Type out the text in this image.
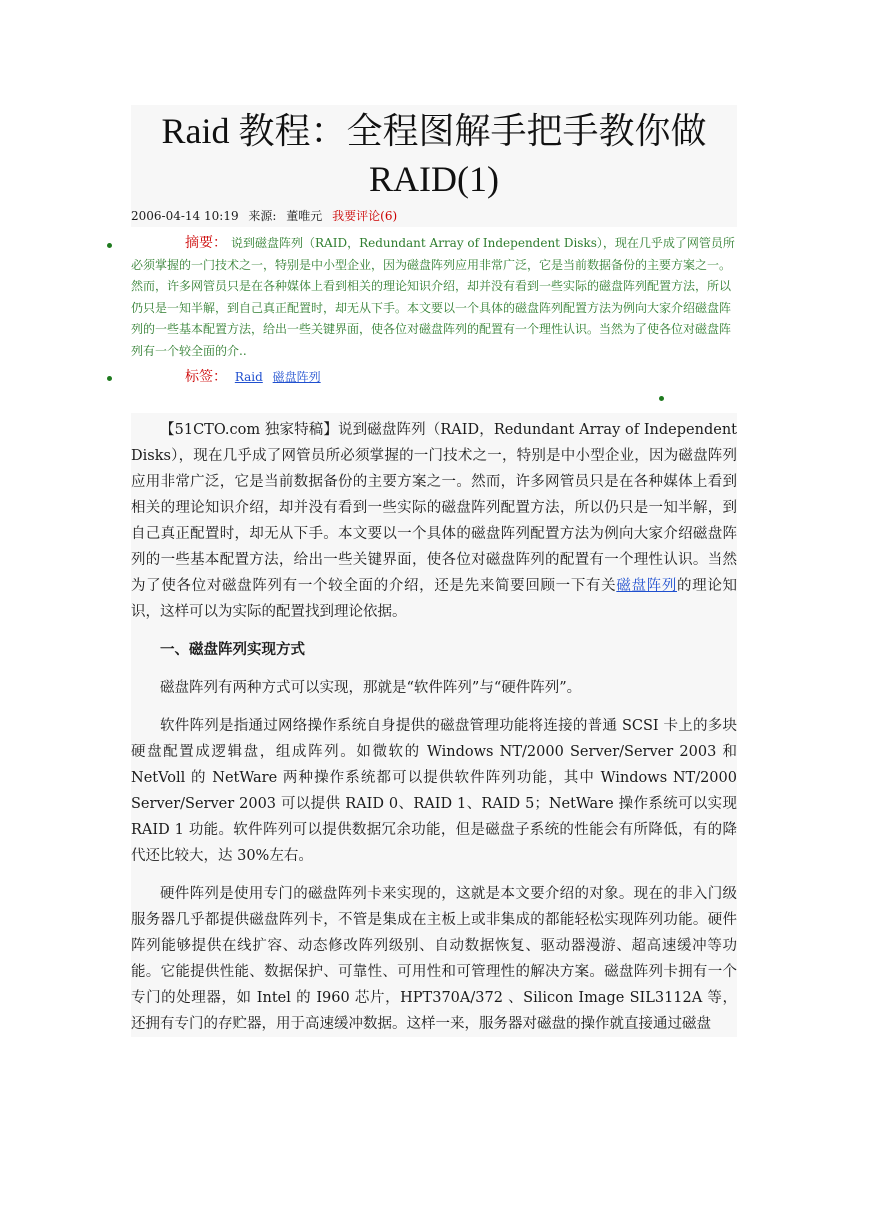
Raid 教程：全程图解手把手教你做RAID(1)
2006-04-14 10:19 来源: 董唯元 我要评论(6)
摘要： 说到磁盘阵列（RAID，Redundant Array of Independent Disks），现在几乎成了网管员所必须掌握的一门技术之一，特别是中小型企业，因为磁盘阵列应用非常广泛，它是当前数据备份的主要方案之一。然而，许多网管员只是在各种媒体上看到相关的理论知识介绍，却并没有看到一些实际的磁盘阵列配置方法，所以仍只是一知半解，到自己真正配置时，却无从下手。本文要以一个具体的磁盘阵列配置方法为例向大家介绍磁盘阵列的一些基本配置方法，给出一些关键界面，使各位对磁盘阵列的配置有一个理性认识。当然为了使各位对磁盘阵列有一个较全面的介..
标签： Raid 磁盘阵列

【51CTO.com 独家特稿】说到磁盘阵列（RAID，Redundant Array of Independent Disks），现在几乎成了网管员所必须掌握的一门技术之一，特别是中小型企业，因为磁盘阵列应用非常广泛，它是当前数据备份的主要方案之一。然而，许多网管员只是在各种媒体上看到相关的理论知识介绍，却并没有看到一些实际的磁盘阵列配置方法，所以仍只是一知半解，到自己真正配置时，却无从下手。本文要以一个具体的磁盘阵列配置方法为例向大家介绍磁盘阵列的一些基本配置方法，给出一些关键界面，使各位对磁盘阵列的配置有一个理性认识。当然为了使各位对磁盘阵列有一个较全面的介绍，还是先来简要回顾一下有关磁盘阵列的理论知识，这样可以为实际的配置找到理论依据。

一、磁盘阵列实现方式

磁盘阵列有两种方式可以实现，那就是“软件阵列”与“硬件阵列”。

软件阵列是指通过网络操作系统自身提供的磁盘管理功能将连接的普通 SCSI 卡上的多块硬盘配置成逻辑盘，组成阵列。如微软的 Windows NT/2000 Server/Server 2003 和 NetVoll 的 NetWare 两种操作系统都可以提供软件阵列功能，其中 Windows NT/2000 Server/Server 2003 可以提供 RAID 0、RAID 1、RAID 5；NetWare 操作系统可以实现 RAID 1 功能。软件阵列可以提供数据冗余功能，但是磁盘子系统的性能会有所降低，有的降代还比较大，达 30%左右。

硬件阵列是使用专门的磁盘阵列卡来实现的，这就是本文要介绍的对象。现在的非入门级服务器几乎都提供磁盘阵列卡，不管是集成在主板上或非集成的都能轻松实现阵列功能。硬件阵列能够提供在线扩容、动态修改阵列级别、自动数据恢复、驱动器漫游、超高速缓冲等功能。它能提供性能、数据保护、可靠性、可用性和可管理性的解决方案。磁盘阵列卡拥有一个专门的处理器，如 Intel 的 I960 芯片，HPT370A/372 、Silicon Image SIL3112A 等，还拥有专门的存贮器，用于高速缓冲数据。这样一来，服务器对磁盘的操作就直接通过磁盘
